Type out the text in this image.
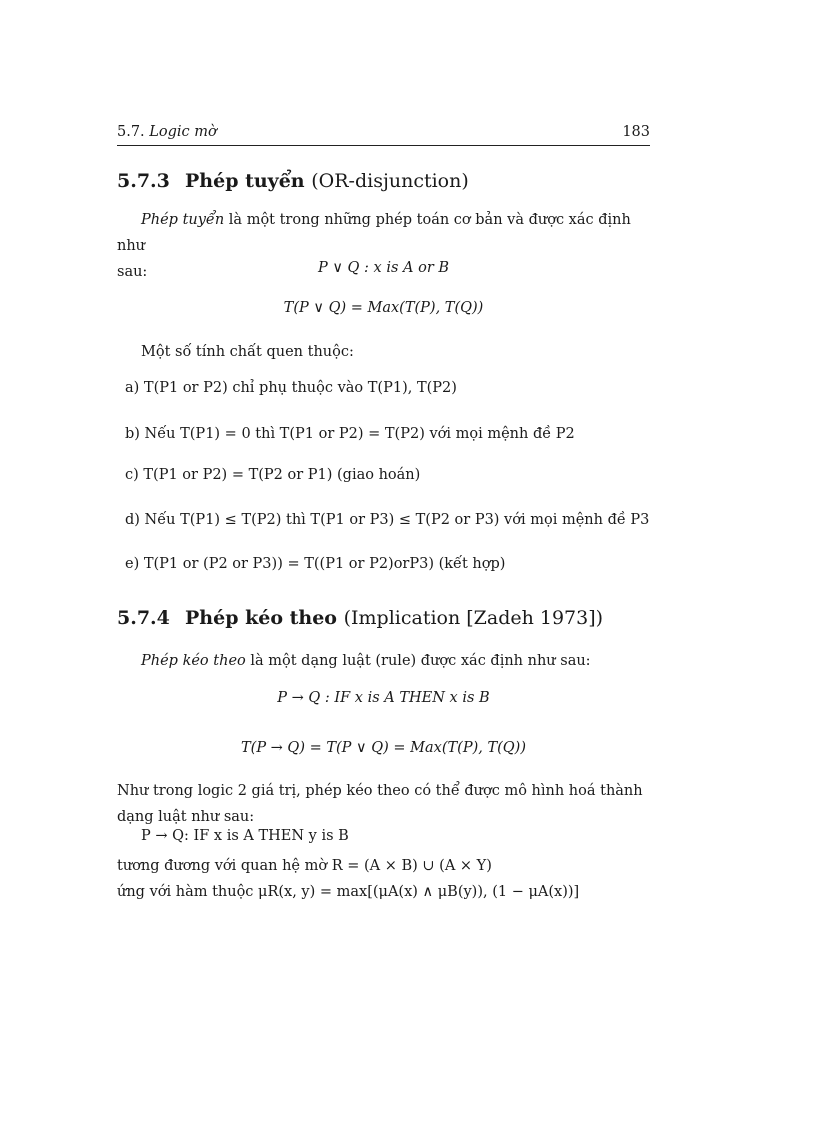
5.7. Logic mờ	183
5.7.3 Phép tuyển (OR-disjunction)
Phép tuyển là một trong những phép toán cơ bản và được xác định như
sau:	P ∨ Q : x is A or B
T(P ∨ Q) = Max(T(P), T(Q))
Một số tính chất quen thuộc:
a) T(P1 or P2) chỉ phụ thuộc vào T(P1), T(P2)
b) Nếu T(P1) = 0 thì T(P1 or P2) = T(P2) với mọi mệnh đề P2
c) T(P1 or P2) = T(P2 or P1) (giao hoán)
d) Nếu T(P1) ≤ T(P2) thì T(P1 or P3) ≤ T(P2 or P3) với mọi mệnh đề P3
e) T(P1 or (P2 or P3)) = T((P1 or P2)orP3) (kết hợp)
5.7.4 Phép kéo theo (Implication [Zadeh 1973])
Phép kéo theo là một dạng luật (rule) được xác định như sau:
P → Q : IF x is A THEN x is B
T(P → Q) = T(P ∨ Q) = Max(T(P), T(Q))
Như trong logic 2 giá trị, phép kéo theo có thể được mô hình hoá thành
dạng luật như sau:
P → Q: IF x is A THEN y is B
tương đương với quan hệ mờ R = (A × B) ∪ (A × Y)
ứng với hàm thuộc μR(x, y) = max[(μA(x) ∧ μB(y)), (1 − μA(x))]
